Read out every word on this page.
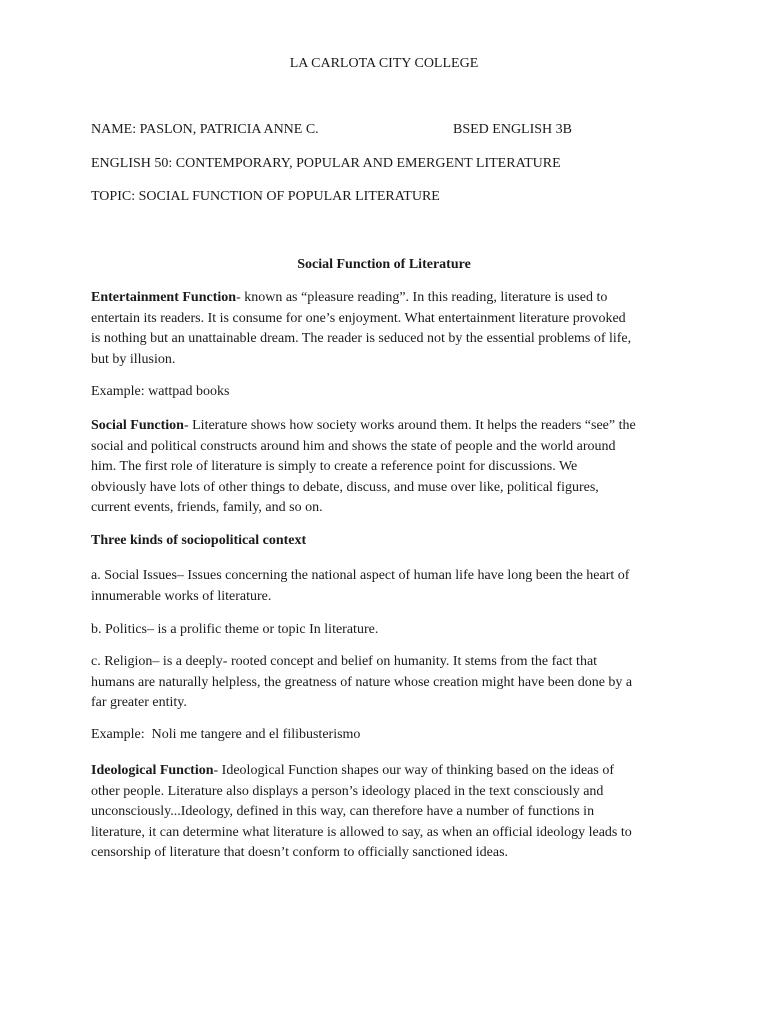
LA CARLOTA CITY COLLEGE
NAME: PASLON, PATRICIA ANNE C.	BSED ENGLISH 3B
ENGLISH 50: CONTEMPORARY, POPULAR AND EMERGENT LITERATURE
TOPIC: SOCIAL FUNCTION OF POPULAR LITERATURE
Social Function of Literature
Entertainment Function- known as “pleasure reading”. In this reading, literature is used to
entertain its readers. It is consume for one’s enjoyment. What entertainment literature provoked
is nothing but an unattainable dream. The reader is seduced not by the essential problems of life,
but by illusion.
Example: wattpad books
Social Function- Literature shows how society works around them. It helps the readers “see” the
social and political constructs around him and shows the state of people and the world around
him. The first role of literature is simply to create a reference point for discussions. We
obviously have lots of other things to debate, discuss, and muse over like, political figures,
current events, friends, family, and so on.
Three kinds of sociopolitical context
a. Social Issues– Issues concerning the national aspect of human life have long been the heart of
innumerable works of literature.
b. Politics– is a prolific theme or topic In literature.
c. Religion– is a deeply- rooted concept and belief on humanity. It stems from the fact that
humans are naturally helpless, the greatness of nature whose creation might have been done by a
far greater entity.
Example:  Noli me tangere and el filibusterismo
Ideological Function- Ideological Function shapes our way of thinking based on the ideas of
other people. Literature also displays a person’s ideology placed in the text consciously and
unconsciously...Ideology, defined in this way, can therefore have a number of functions in
literature, it can determine what literature is allowed to say, as when an official ideology leads to
censorship of literature that doesn’t conform to officially sanctioned ideas.
